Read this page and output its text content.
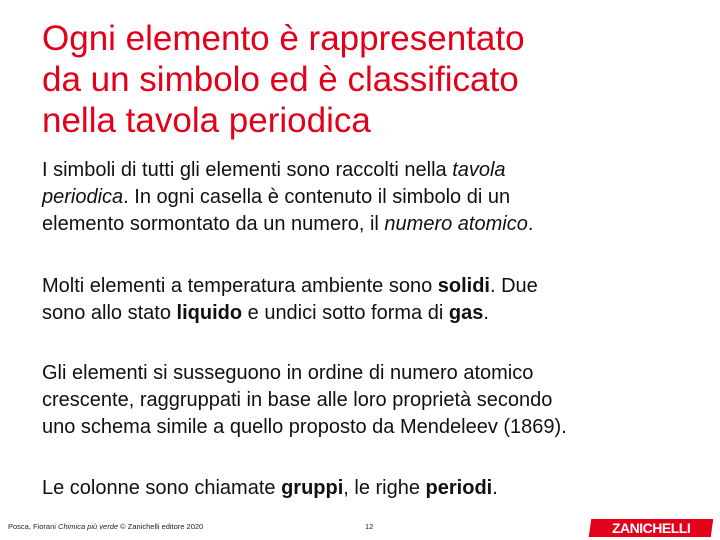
Ogni elemento è rappresentato
da un simbolo ed è classificato
nella tavola periodica

I simboli di tutti gli elementi sono raccolti nella tavola
periodica. In ogni casella è contenuto il simbolo di un
elemento sormontato da un numero, il numero atomico.

Molti elementi a temperatura ambiente sono solidi. Due
sono allo stato liquido e undici sotto forma di gas.

Gli elementi si susseguono in ordine di numero atomico
crescente, raggruppati in base alle loro proprietà secondo
uno schema simile a quello proposto da Mendeleev (1869).

Le colonne sono chiamate gruppi, le righe periodi.

Posca, Fiorani Chimica più verde © Zanichelli editore 2020	12	ZANICHELLI
